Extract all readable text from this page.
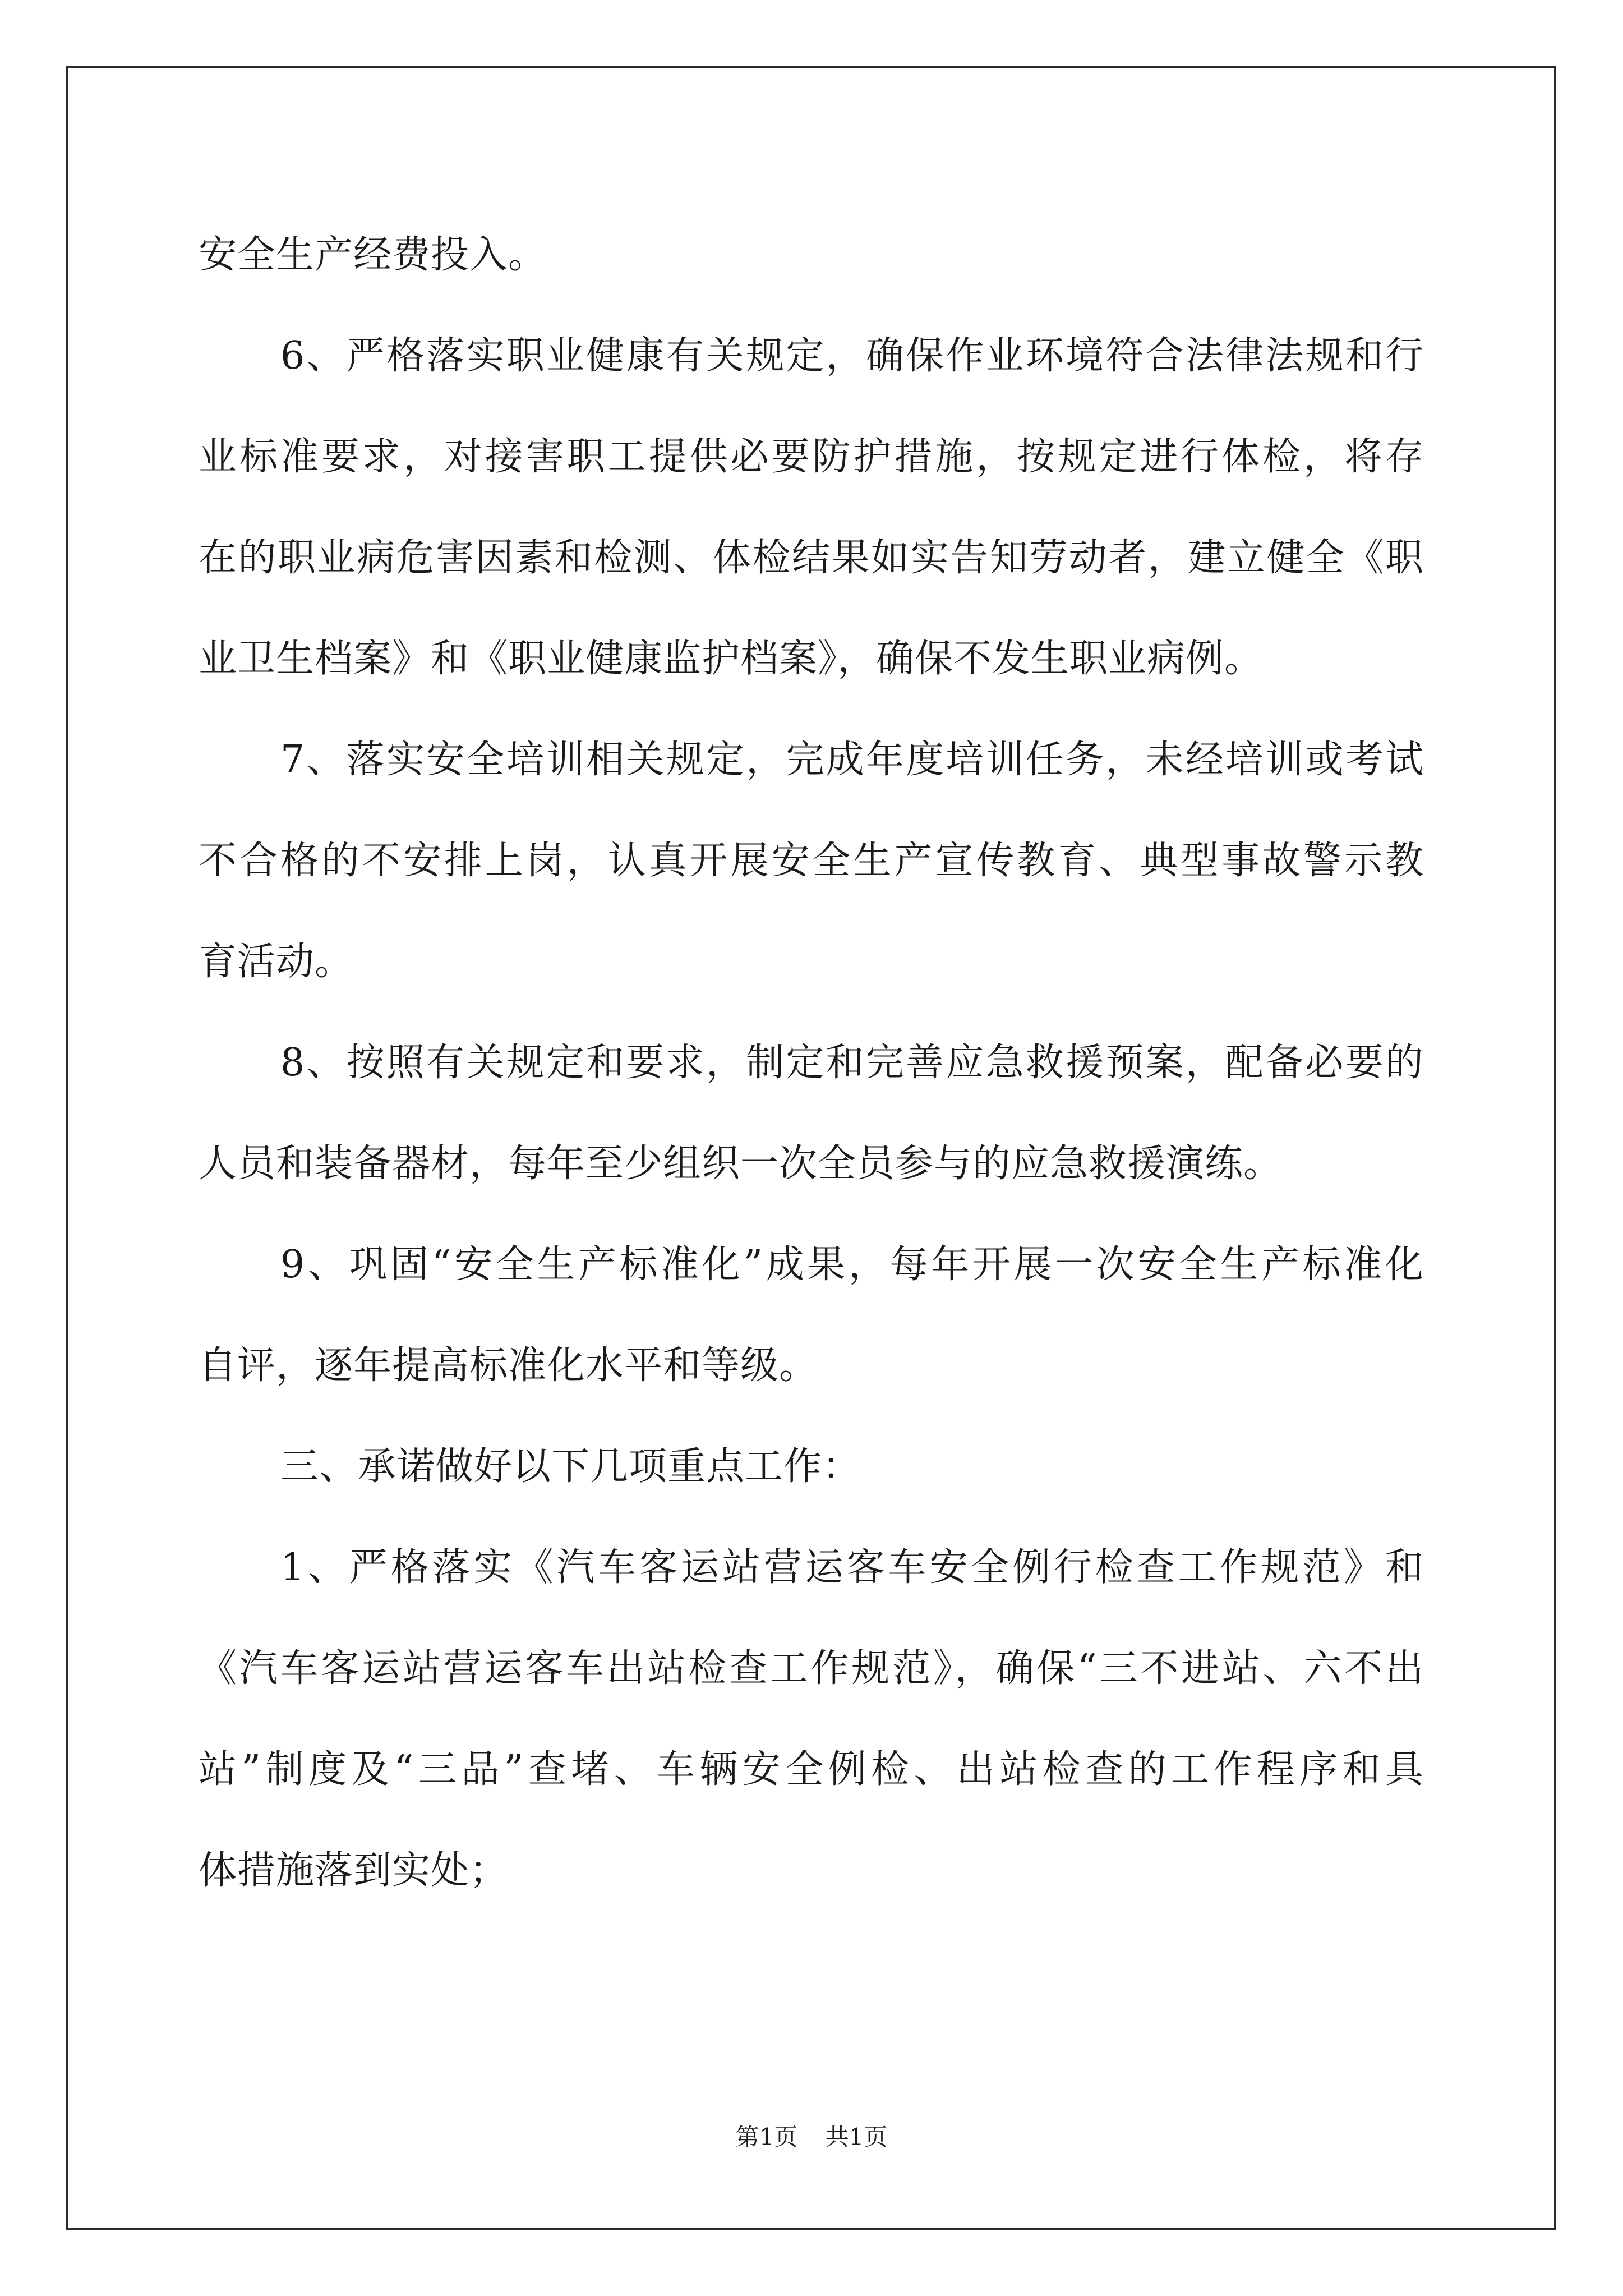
安全生产经费投入。
6、严格落实职业健康有关规定，确保作业环境符合法律法规和行
业标准要求，对接害职工提供必要防护措施，按规定进行体检，将存
在的职业病危害因素和检测、体检结果如实告知劳动者，建立健全《职
业卫生档案》和《职业健康监护档案》，确保不发生职业病例。
7、落实安全培训相关规定，完成年度培训任务，未经培训或考试
不合格的不安排上岗，认真开展安全生产宣传教育、典型事故警示教
育活动。
8、按照有关规定和要求，制定和完善应急救援预案，配备必要的
人员和装备器材，每年至少组织一次全员参与的应急救援演练。
9、巩固“安全生产标准化”成果，每年开展一次安全生产标准化
自评，逐年提高标准化水平和等级。
三、承诺做好以下几项重点工作：
1、严格落实《汽车客运站营运客车安全例行检查工作规范》和
《汽车客运站营运客车出站检查工作规范》，确保“三不进站、六不出
站”制度及“三品”查堵、车辆安全例检、出站检查的工作程序和具
体措施落到实处；
第1页 共1页
